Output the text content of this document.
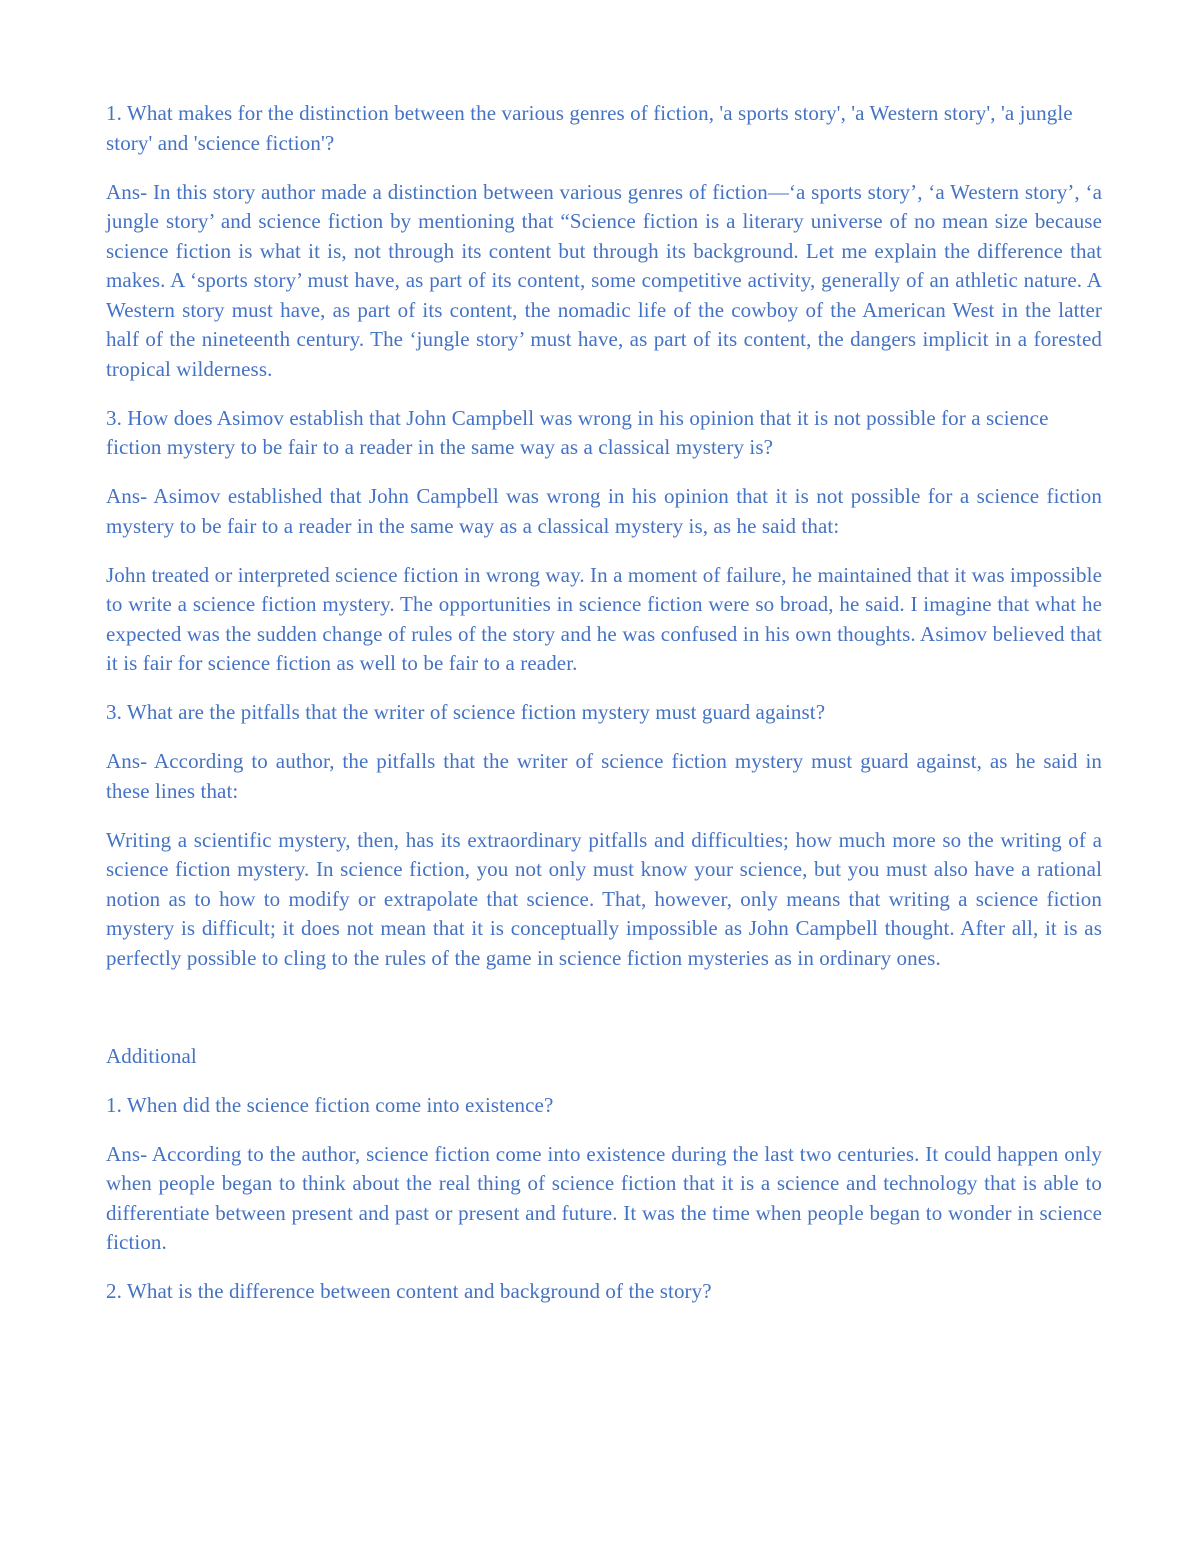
1. What makes for the distinction between the various genres of fiction, 'a sports story', 'a Western story', 'a jungle story' and 'science fiction'?

Ans- In this story author made a distinction between various genres of fiction—‘a sports story’, ‘a Western story’, ‘a jungle story’ and science fiction by mentioning that “Science fiction is a literary universe of no mean size because science fiction is what it is, not through its content but through its background. Let me explain the difference that makes. A ‘sports story’ must have, as part of its content, some competitive activity, generally of an athletic nature. A Western story must have, as part of its content, the nomadic life of the cowboy of the American West in the latter half of the nineteenth century. The ‘jungle story’ must have, as part of its content, the dangers implicit in a forested tropical wilderness.

3. How does Asimov establish that John Campbell was wrong in his opinion that it is not possible for a science fiction mystery to be fair to a reader in the same way as a classical mystery is?

Ans- Asimov established that John Campbell was wrong in his opinion that it is not possible for a science fiction mystery to be fair to a reader in the same way as a classical mystery is, as he said that:

John treated or interpreted science fiction in wrong way. In a moment of failure, he maintained that it was impossible to write a science fiction mystery. The opportunities in science fiction were so broad, he said. I imagine that what he expected was the sudden change of rules of the story and he was confused in his own thoughts. Asimov believed that it is fair for science fiction as well to be fair to a reader.

3. What are the pitfalls that the writer of science fiction mystery must guard against?

Ans- According to author, the pitfalls that the writer of science fiction mystery must guard against, as he said in these lines that:

Writing a scientific mystery, then, has its extraordinary pitfalls and difficulties; how much more so the writing of a science fiction mystery. In science fiction, you not only must know your science, but you must also have a rational notion as to how to modify or extrapolate that science. That, however, only means that writing a science fiction mystery is difficult; it does not mean that it is conceptually impossible as John Campbell thought. After all, it is as perfectly possible to cling to the rules of the game in science fiction mysteries as in ordinary ones.

Additional

1. When did the science fiction come into existence?

Ans- According to the author, science fiction come into existence during the last two centuries. It could happen only when people began to think about the real thing of science fiction that it is a science and technology that is able to differentiate between present and past or present and future. It was the time when people began to wonder in science fiction.

2. What is the difference between content and background of the story?
